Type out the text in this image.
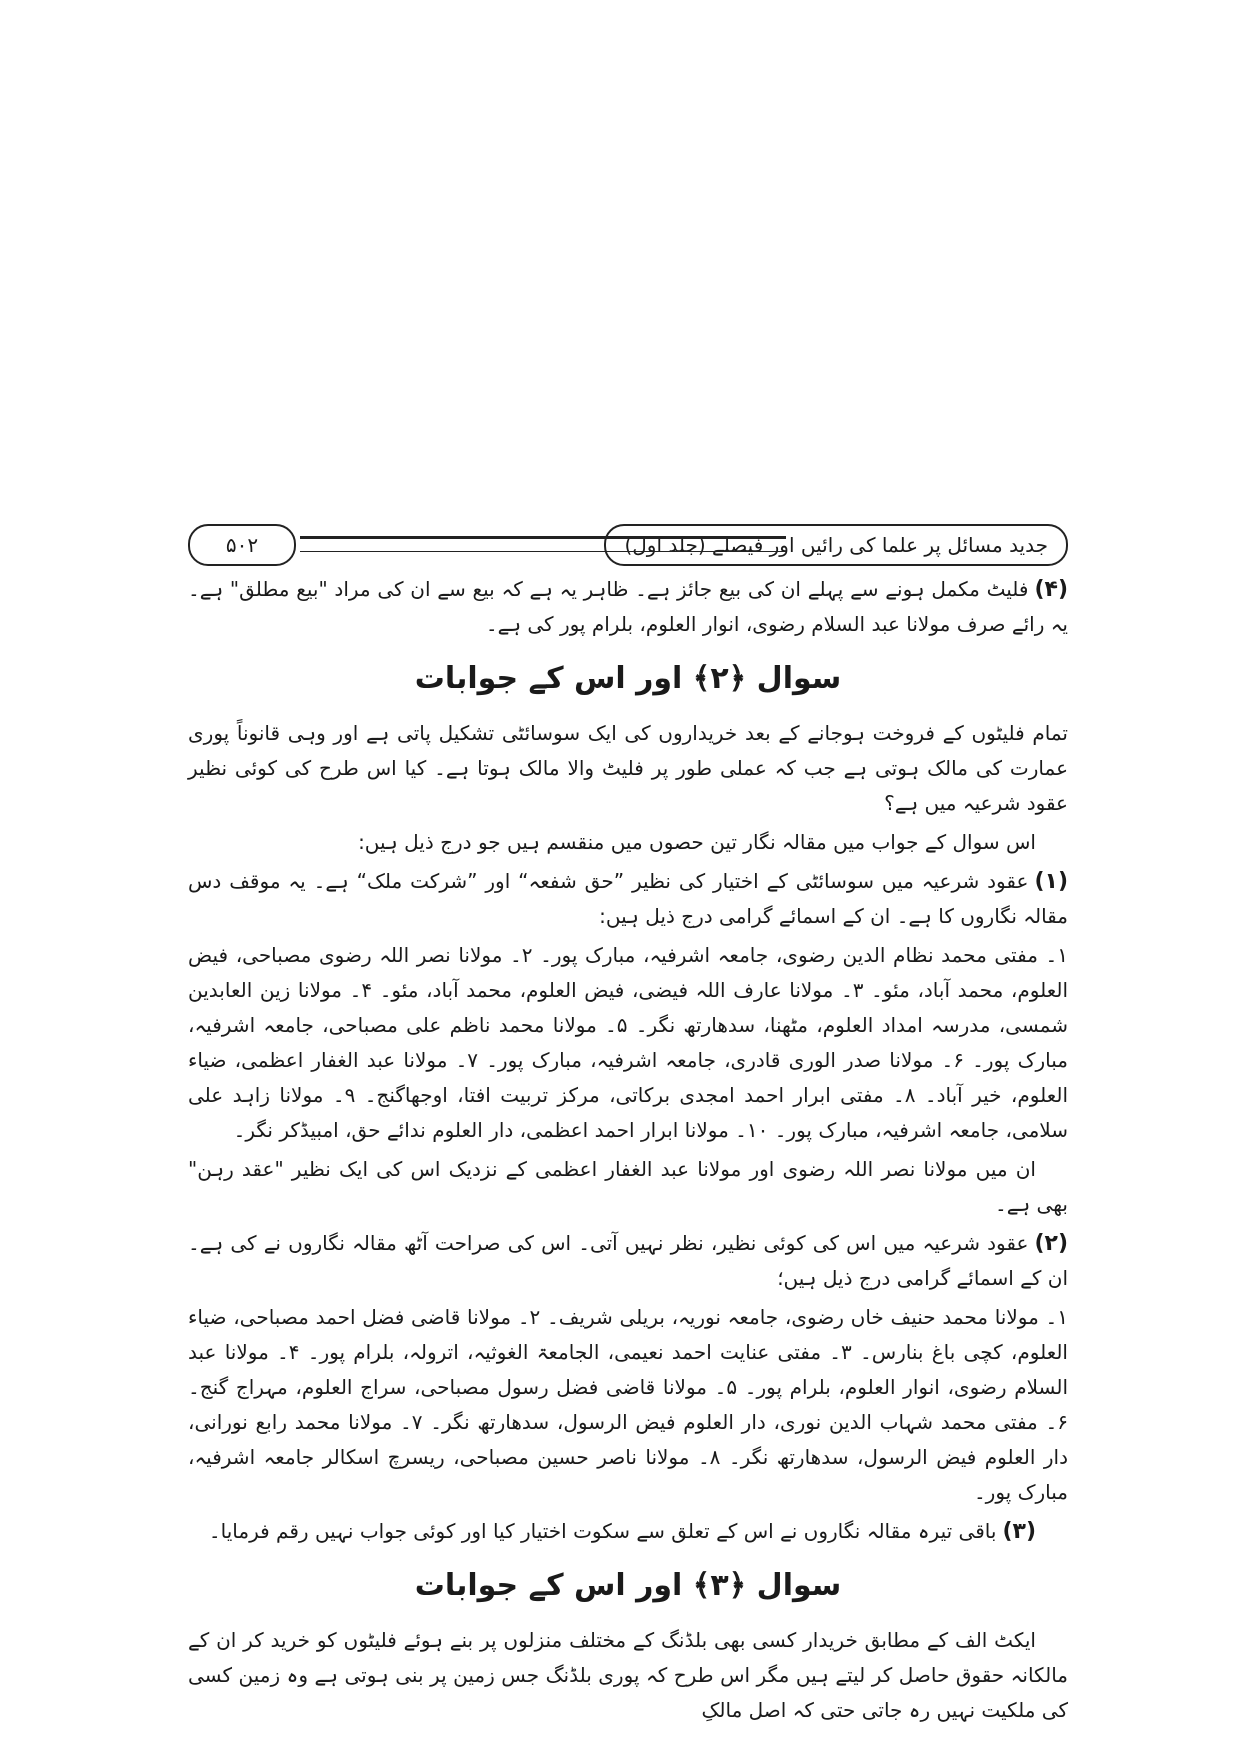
جدید مسائل پر علما کی رائیں اور فیصلے (جلد اول)
۵۰۲

(۴)فلیٹ مکمل ہونے سے پہلے ان کی بیع جائز ہے۔ ظاہر یہ ہے کہ بیع سے ان کی مراد "بیع مطلق" ہے۔ یہ رائے صرف مولانا عبد السلام رضوی، انوار العلوم، بلرام پور کی ہے۔

سوال ﴿۲﴾ اور اس کے جوابات

تمام فلیٹوں کے فروخت ہوجانے کے بعد خریداروں کی ایک سوسائٹی تشکیل پاتی ہے اور وہی قانوناً پوری عمارت کی مالک ہوتی ہے جب کہ عملی طور پر فلیٹ والا مالک ہوتا ہے۔ کیا اس طرح کی کوئی نظیر عقود شرعیہ میں ہے؟

اس سوال کے جواب میں مقالہ نگار تین حصوں میں منقسم ہیں جو درج ذیل ہیں:

(۱)عقود شرعیہ میں سوسائٹی کے اختیار کی نظیر ”حق شفعہ“ اور ”شرکت ملک“ ہے۔ یہ موقف دس مقالہ نگاروں کا ہے۔ ان کے اسمائے گرامی درج ذیل ہیں:

۱۔ مفتی محمد نظام الدین رضوی، جامعہ اشرفیہ، مبارک پور۔ ۲۔ مولانا نصر اللہ رضوی مصباحی، فیض العلوم، محمد آباد، مئو۔ ۳۔ مولانا عارف اللہ فیضی، فیض العلوم، محمد آباد، مئو۔ ۴۔ مولانا زین العابدین شمسی، مدرسہ امداد العلوم، مٹھنا، سدھارتھ نگر۔ ۵۔ مولانا محمد ناظم علی مصباحی، جامعہ اشرفیہ، مبارک پور۔ ۶۔ مولانا صدر الوری قادری، جامعہ اشرفیہ، مبارک پور۔ ۷۔ مولانا عبد الغفار اعظمی، ضیاء العلوم، خیر آباد۔ ۸۔ مفتی ابرار احمد امجدی برکاتی، مرکز تربیت افتا، اوجھاگنج۔ ۹۔ مولانا زاہد علی سلامی، جامعہ اشرفیہ، مبارک پور۔ ۱۰۔ مولانا ابرار احمد اعظمی، دار العلوم ندائے حق، امبیڈکر نگر۔

ان میں مولانا نصر اللہ رضوی اور مولانا عبد الغفار اعظمی کے نزدیک اس کی ایک نظیر "عقد رہن" بھی ہے۔

(۲)عقود شرعیہ میں اس کی کوئی نظیر، نظر نہیں آتی۔ اس کی صراحت آٹھ مقالہ نگاروں نے کی ہے۔ ان کے اسمائے گرامی درج ذیل ہیں؛

۱۔ مولانا محمد حنیف خاں رضوی، جامعہ نوریہ، بریلی شریف۔ ۲۔ مولانا قاضی فضل احمد مصباحی، ضیاء العلوم، کچی باغ بنارس۔ ۳۔ مفتی عنایت احمد نعیمی، الجامعۃ الغوثیہ، اترولہ، بلرام پور۔ ۴۔ مولانا عبد السلام رضوی، انوار العلوم، بلرام پور۔ ۵۔ مولانا قاضی فضل رسول مصباحی، سراج العلوم، مہراج گنج۔ ۶۔ مفتی محمد شہاب الدین نوری، دار العلوم فیض الرسول، سدھارتھ نگر۔ ۷۔ مولانا محمد رابع نورانی، دار العلوم فیض الرسول، سدھارتھ نگر۔ ۸۔ مولانا ناصر حسین مصباحی، ریسرچ اسکالر جامعہ اشرفیہ، مبارک پور۔

(۳)باقی تیرہ مقالہ نگاروں نے اس کے تعلق سے سکوت اختیار کیا اور کوئی جواب نہیں رقم فرمایا۔

سوال ﴿۳﴾ اور اس کے جوابات

ایکٹ الف کے مطابق خریدار کسی بھی بلڈنگ کے مختلف منزلوں پر بنے ہوئے فلیٹوں کو خرید کر ان کے مالکانہ حقوق حاصل کر لیتے ہیں مگر اس طرح کہ پوری بلڈنگ جس زمین پر بنی ہوتی ہے وہ زمین کسی کی ملکیت نہیں رہ جاتی حتی کہ اصل مالکِ
